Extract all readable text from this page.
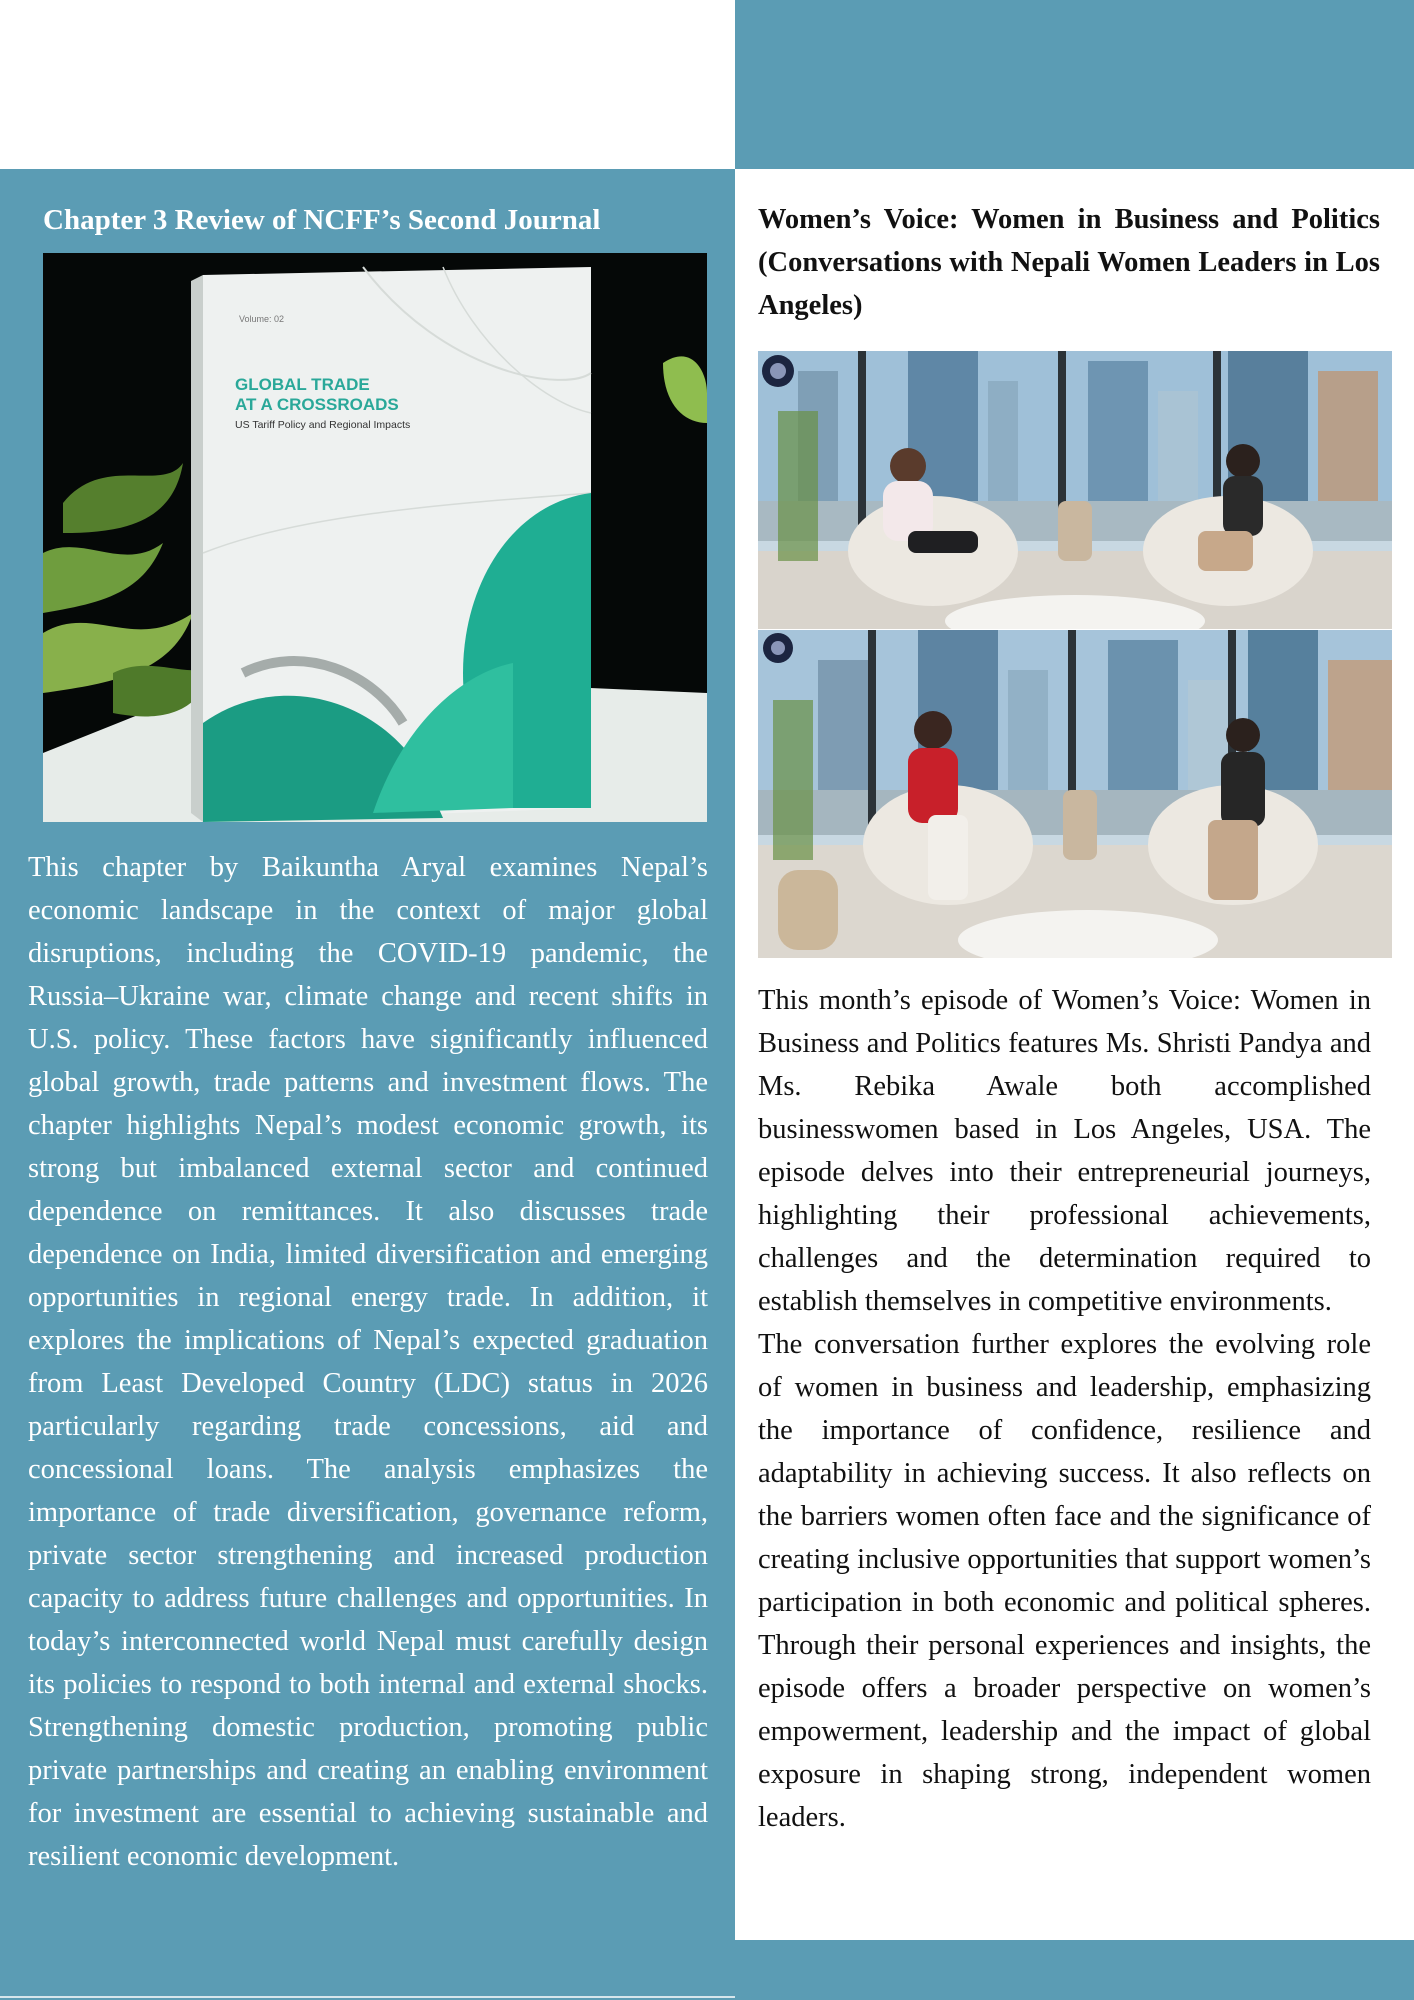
Chapter 3 Review of NCFF’s Second Journal
Volume: 02
GLOBAL TRADE
AT A CROSSROADS
US Tariff Policy and Regional Impacts

This chapter by Baikuntha Aryal examines Nepal’s economic landscape in the context of major global disruptions, including the COVID-19 pandemic, the Russia–Ukraine war, climate change and recent shifts in U.S. policy. These factors have significantly influenced global growth, trade patterns and investment flows. The chapter highlights Nepal’s modest economic growth, its strong but imbalanced external sector and continued dependence on remittances. It also discusses trade dependence on India, limited diversification and emerging opportunities in regional energy trade. In addition, it explores the implications of Nepal’s expected graduation from Least Developed Country (LDC) status in 2026 particularly regarding trade concessions, aid and concessional loans. The analysis emphasizes the importance of trade diversification, governance reform, private sector strengthening and increased production capacity to address future challenges and opportunities. In today’s interconnected world Nepal must carefully design its policies to respond to both internal and external shocks. Strengthening domestic production, promoting public private partnerships and creating an enabling environment for investment are essential to achieving sustainable and resilient economic development.

Women’s Voice: Women in Business and Politics (Conversations with Nepali Women Leaders in Los Angeles)

This month’s episode of Women’s Voice: Women in Business and Politics features Ms. Shristi Pandya and Ms. Rebika Awale both accomplished businesswomen based in Los Angeles, USA. The episode delves into their entrepreneurial journeys, highlighting their professional achievements, challenges and the determination required to establish themselves in competitive environments.

The conversation further explores the evolving role of women in business and leadership, emphasizing the importance of confidence, resilience and adaptability in achieving success. It also reflects on the barriers women often face and the significance of creating inclusive opportunities that support women’s participation in both economic and political spheres. Through their personal experiences and insights, the episode offers a broader perspective on women’s empowerment, leadership and the impact of global exposure in shaping strong, independent women leaders.
